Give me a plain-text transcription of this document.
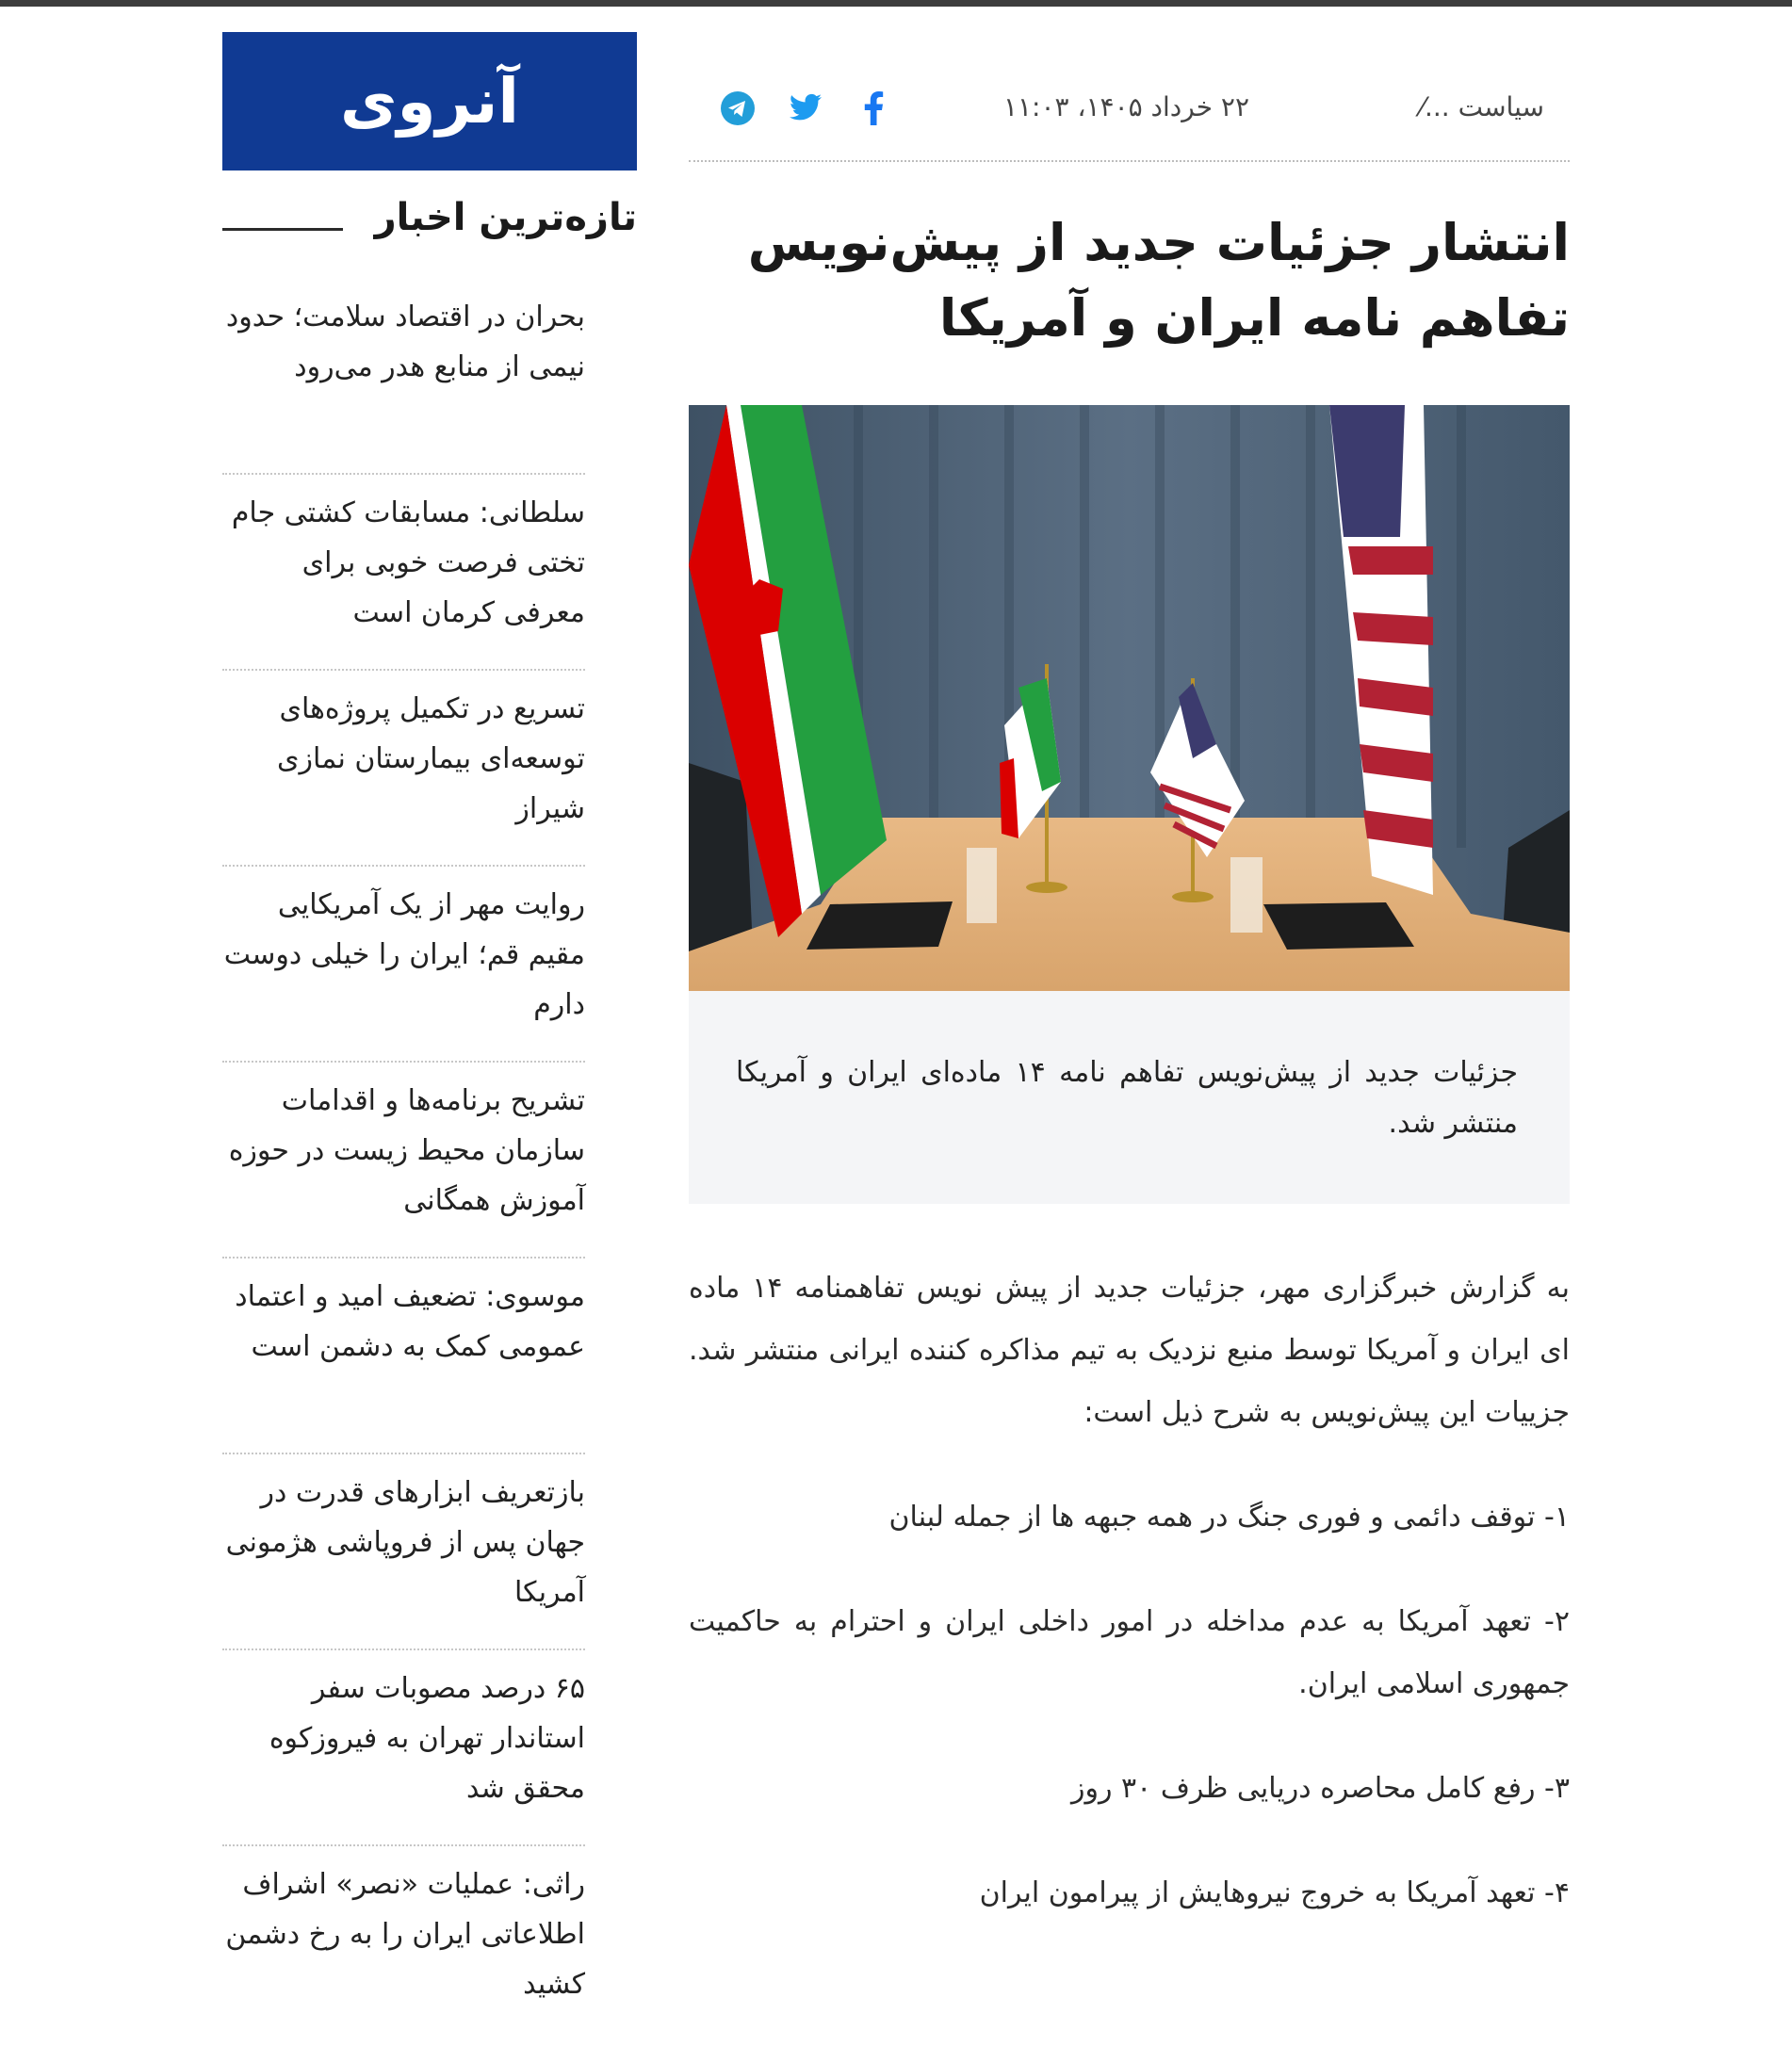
سیاست ...⁄
۲۲ خرداد ۱۴۰۵، ۱۱:۰۳
انتشار جزئیات جدید از پیش‌نویس تفاهم نامه ایران و آمریکا

جزئیات جدید از پیش‌نویس تفاهم نامه ۱۴ ماده‌ای ایران و آمریکا منتشر شد.

به گزارش خبرگزاری مهر، جزئیات جدید از پیش نویس تفاهمنامه ۱۴ ماده ای ایران و آمریکا توسط منبع نزدیک به تیم مذاکره کننده ایرانی منتشر شد. جزییات این پیش‌نویس به شرح ذیل است:

۱- توقف دائمی و فوری جنگ در همه جبهه ها از جمله لبنان

۲- تعهد آمریکا به عدم مداخله در امور داخلی ایران و احترام به حاکمیت جمهوری اسلامی ایران.

۳- رفع کامل محاصره دریایی ظرف ۳۰ روز

۴- تعهد آمریکا به خروج نیروهایش از پیرامون ایران

آنروی
تازه‌ترین اخبار
بحران در اقتصاد سلامت؛ حدود نیمی از منابع هدر می‌رود
سلطانی: مسابقات کشتی جام تختی فرصت خوبی برای معرفی کرمان است
تسریع در تکمیل پروژه‌های توسعه‌ای بیمارستان نمازی شیراز
روایت مهر از یک آمریکایی مقیم قم؛ ایران را خیلی دوست دارم
تشریح برنامه‌ها و اقدامات سازمان محیط زیست در حوزه آموزش همگانی
موسوی: تضعیف امید و اعتماد عمومی کمک به دشمن است
بازتعریف ابزارهای قدرت در جهان پس از فروپاشی هژمونی آمریکا
۶۵ درصد مصوبات سفر استاندار تهران به فیروزکوه محقق شد
راثی: عملیات «نصر» اشراف اطلاعاتی ایران را به رخ دشمن کشید
